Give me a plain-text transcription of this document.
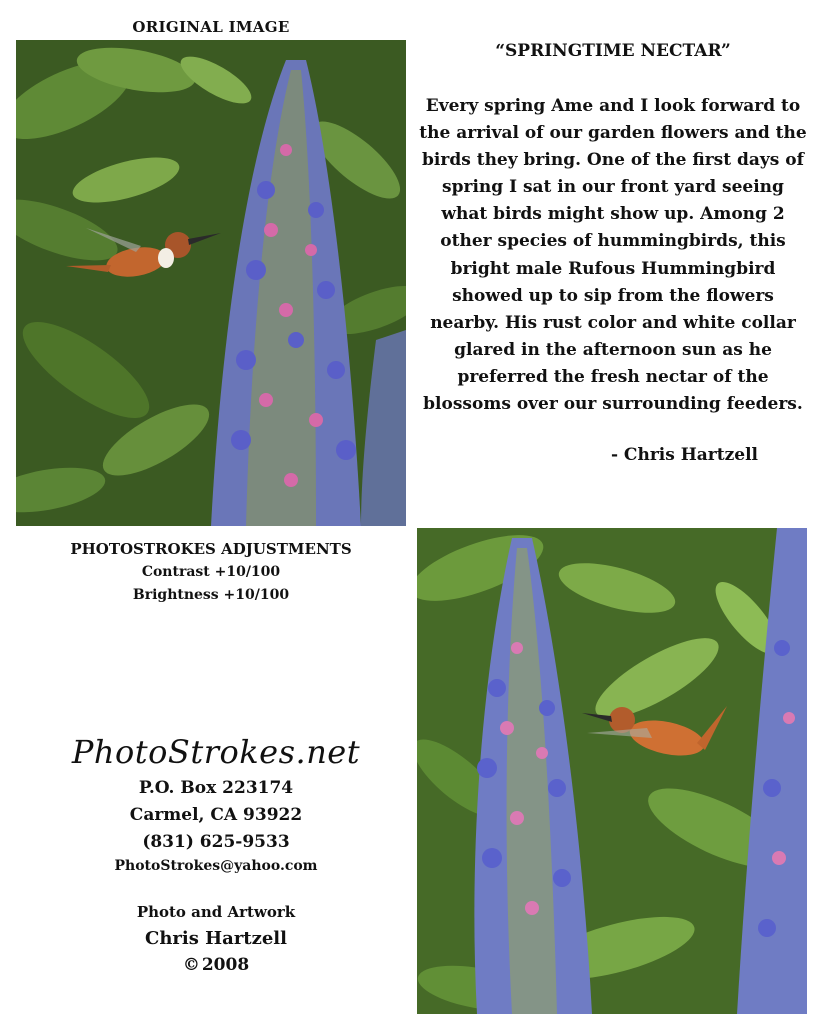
ORIGINAL IMAGE
“SPRINGTIME NECTAR”
Every spring Ame and I look forward to
the arrival of our garden flowers and the
birds they bring. One of the first days of
spring I sat in our front yard seeing
what birds might show up. Among 2
other species of hummingbirds, this
bright male Rufous Hummingbird
showed up to sip from the flowers
nearby. His rust color and white collar
glared in the afternoon sun as he
preferred the fresh nectar of the
blossoms over our surrounding feeders.
- Chris Hartzell
PHOTOSTROKES ADJUSTMENTS
Contrast +10/100
Brightness +10/100
PhotoStrokes.net
P.O. Box 223174
Carmel, CA 93922
(831) 625-9533
PhotoStrokes@yahoo.com
Photo and Artwork
Chris Hartzell
© 2008
